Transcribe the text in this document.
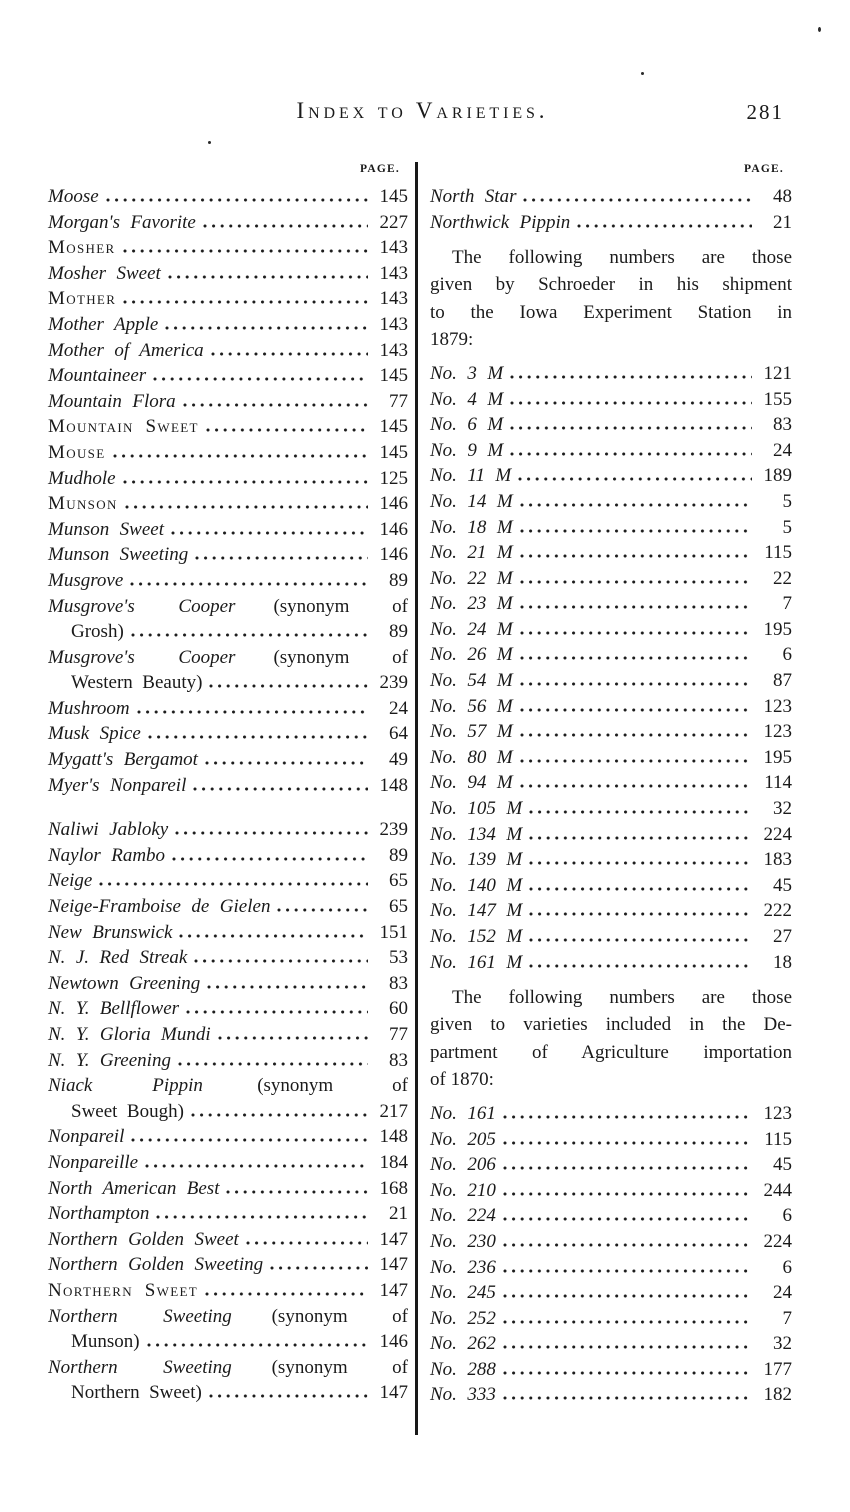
Index to Varieties.	281
PAGE.
Moose	145
Morgan's Favorite	227
Mosher	143
Mosher Sweet	143
Mother	143
Mother Apple	143
Mother of America	143
Mountaineer	145
Mountain Flora	77
Mountain Sweet	145
Mouse	145
Mudhole	125
Munson	146
Munson Sweet	146
Munson Sweeting	146
Musgrove	89
Musgrove's Cooper (synonym of
Grosh)	89
Musgrove's Cooper (synonym of
Western Beauty)	239
Mushroom	24
Musk Spice	64
Mygatt's Bergamot	49
Myer's Nonpareil	148
Naliwi Jabloky	239
Naylor Rambo	89
Neige	65
Neige-Framboise de Gielen	65
New Brunswick	151
N. J. Red Streak	53
Newtown Greening	83
N. Y. Bellflower	60
N. Y. Gloria Mundi	77
N. Y. Greening	83
Niack Pippin	(synonym of
Sweet Bough)	217
Nonpareil	148
Nonpareille	184
North American Best	168
Northampton	21
Northern Golden Sweet	147
Northern Golden Sweeting	147
Northern Sweet	147
Northern Sweeting (synonym of
Munson)	146
Northern Sweeting (synonym of
Northern Sweet)	147
PAGE.
North Star	48
Northwick Pippin	21
The following numbers are those
given by Schroeder in his shipment
to the Iowa Experiment Station in
1879:
No. 3 M	121
No. 4 M	155
No. 6 M	83
No. 9 M	24
No. 11 M	189
No. 14 M	5
No. 18 M	5
No. 21 M	115
No. 22 M	22
No. 23 M	7
No. 24 M	195
No. 26 M	6
No. 54 M	87
No. 56 M	123
No. 57 M	123
No. 80 M	195
No. 94 M	114
No. 105 M	32
No. 134 M	224
No. 139 M	183
No. 140 M	45
No. 147 M	222
No. 152 M	27
No. 161 M	18
The following numbers are those
given to varieties included in the De-
partment of Agriculture importation
of 1870:
No. 161	123
No. 205	115
No. 206	45
No. 210	244
No. 224	6
No. 230	224
No. 236	6
No. 245	24
No. 252	7
No. 262	32
No. 288	177
No. 333	182
